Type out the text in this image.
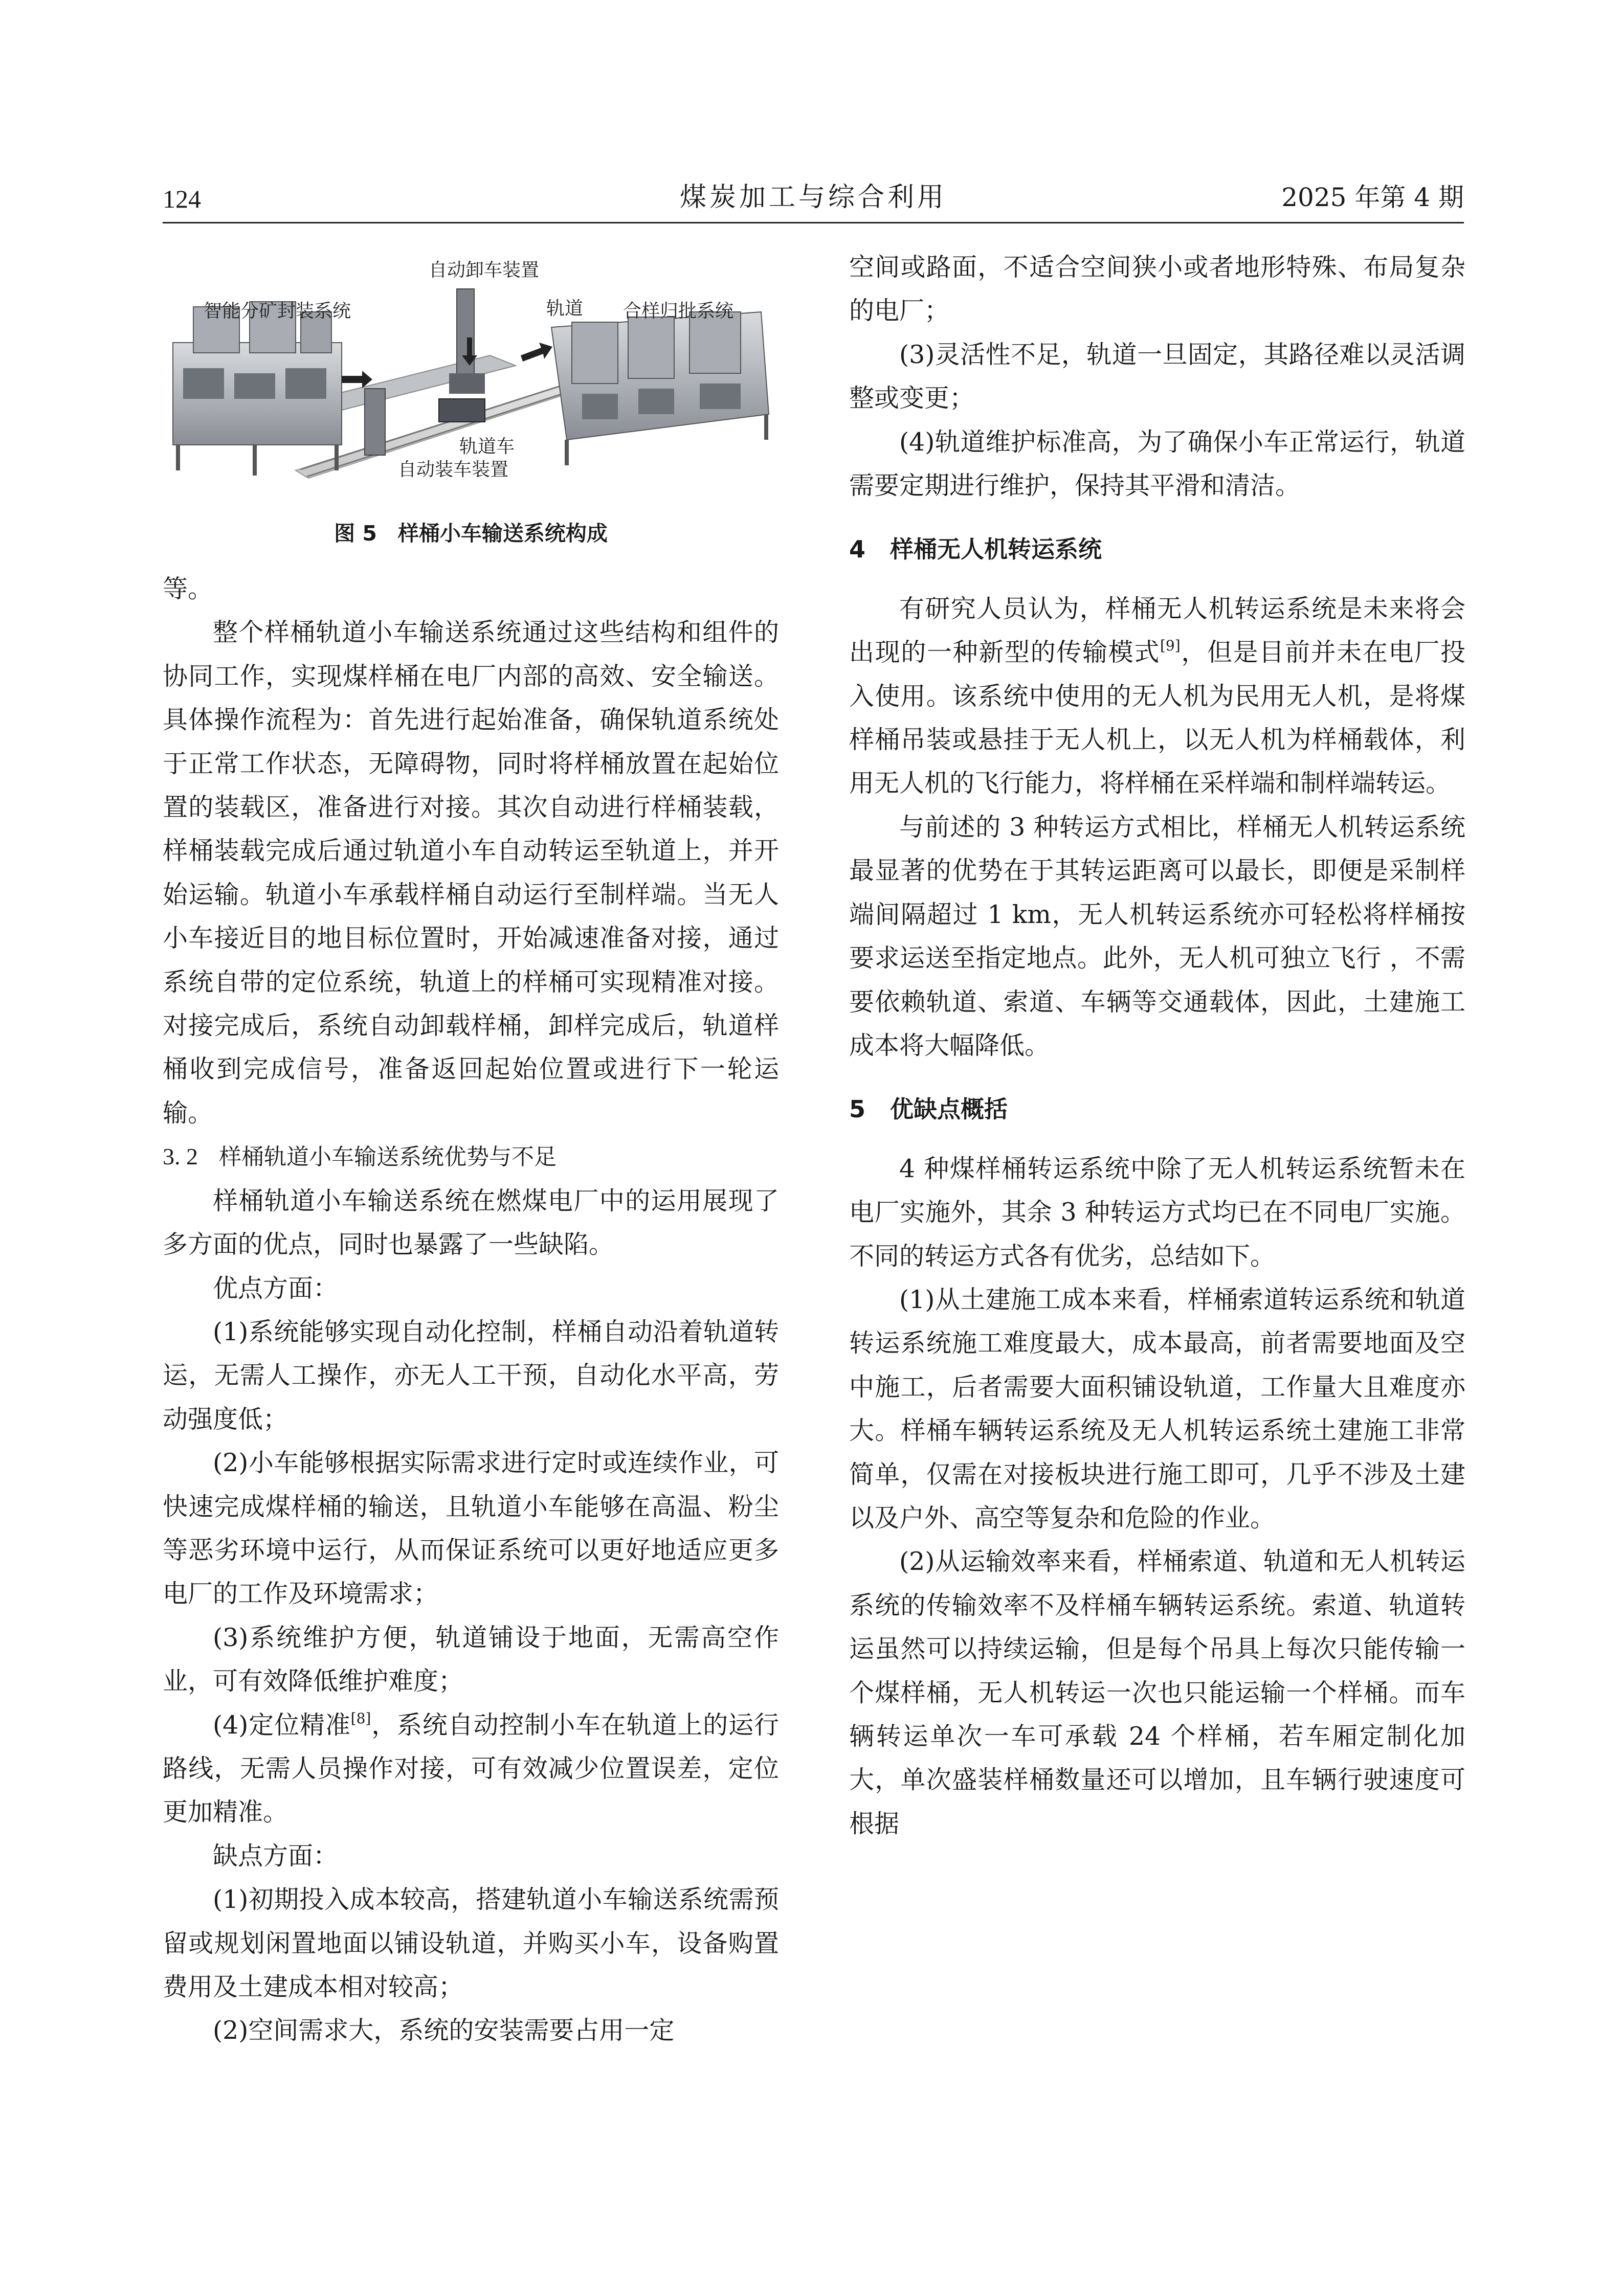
124	煤炭加工与综合利用	2025 年第 4 期
自动卸车装置
轨道
智能分矿封装系统	合样归批系统
轨道车
自动装车装置
图 5　样桶小车输送系统构成

等。

整个样桶轨道小车输送系统通过这些结构和组件的协同工作，实现煤样桶在电厂内部的高效、安全输送。具体操作流程为：首先进行起始准备，确保轨道系统处于正常工作状态，无障碍物，同时将样桶放置在起始位置的装载区，准备进行对接。其次自动进行样桶装载，样桶装载完成后通过轨道小车自动转运至轨道上，并开始运输。轨道小车承载样桶自动运行至制样端。当无人小车接近目的地目标位置时，开始减速准备对接，通过系统自带的定位系统，轨道上的样桶可实现精准对接。对接完成后，系统自动卸载样桶，卸样完成后，轨道样桶收到完成信号，准备返回起始位置或进行下一轮运输。

3. 2 样桶轨道小车输送系统优势与不足

样桶轨道小车输送系统在燃煤电厂中的运用展现了多方面的优点，同时也暴露了一些缺陷。

优点方面：

(1)系统能够实现自动化控制，样桶自动沿着轨道转运，无需人工操作，亦无人工干预，自动化水平高，劳动强度低；

(2)小车能够根据实际需求进行定时或连续作业，可快速完成煤样桶的输送，且轨道小车能够在高温、粉尘等恶劣环境中运行，从而保证系统可以更好地适应更多电厂的工作及环境需求；

(3)系统维护方便，轨道铺设于地面，无需高空作业，可有效降低维护难度；

(4)定位精准[8]，系统自动控制小车在轨道上的运行路线，无需人员操作对接，可有效减少位置误差，定位更加精准。

缺点方面：

(1)初期投入成本较高，搭建轨道小车输送系统需预留或规划闲置地面以铺设轨道，并购买小车，设备购置费用及土建成本相对较高；

(2)空间需求大，系统的安装需要占用一定

空间或路面，不适合空间狭小或者地形特殊、布局复杂的电厂；

(3)灵活性不足，轨道一旦固定，其路径难以灵活调整或变更；

(4)轨道维护标准高，为了确保小车正常运行，轨道需要定期进行维护，保持其平滑和清洁。

4 样桶无人机转运系统

有研究人员认为，样桶无人机转运系统是未来将会出现的一种新型的传输模式[9]，但是目前并未在电厂投入使用。该系统中使用的无人机为民用无人机，是将煤样桶吊装或悬挂于无人机上，以无人机为样桶载体，利用无人机的飞行能力，将样桶在采样端和制样端转运。

与前述的 3 种转运方式相比，样桶无人机转运系统最显著的优势在于其转运距离可以最长，即便是采制样端间隔超过 1 km，无人机转运系统亦可轻松将样桶按要求运送至指定地点。此外，无人机可独立飞行 ，不需要依赖轨道、索道、车辆等交通载体，因此，土建施工成本将大幅降低。

5 优缺点概括

4 种煤样桶转运系统中除了无人机转运系统暂未在电厂实施外，其余 3 种转运方式均已在不同电厂实施。不同的转运方式各有优劣，总结如下。

(1)从土建施工成本来看，样桶索道转运系统和轨道转运系统施工难度最大，成本最高，前者需要地面及空中施工，后者需要大面积铺设轨道，工作量大且难度亦大。样桶车辆转运系统及无人机转运系统土建施工非常简单，仅需在对接板块进行施工即可，几乎不涉及土建以及户外、高空等复杂和危险的作业。

(2)从运输效率来看，样桶索道、轨道和无人机转运系统的传输效率不及样桶车辆转运系统。索道、轨道转运虽然可以持续运输，但是每个吊具上每次只能传输一个煤样桶，无人机转运一次也只能运输一个样桶。而车辆转运单次一车可承载 24 个样桶，若车厢定制化加大，单次盛装样桶数量还可以增加，且车辆行驶速度可根据
